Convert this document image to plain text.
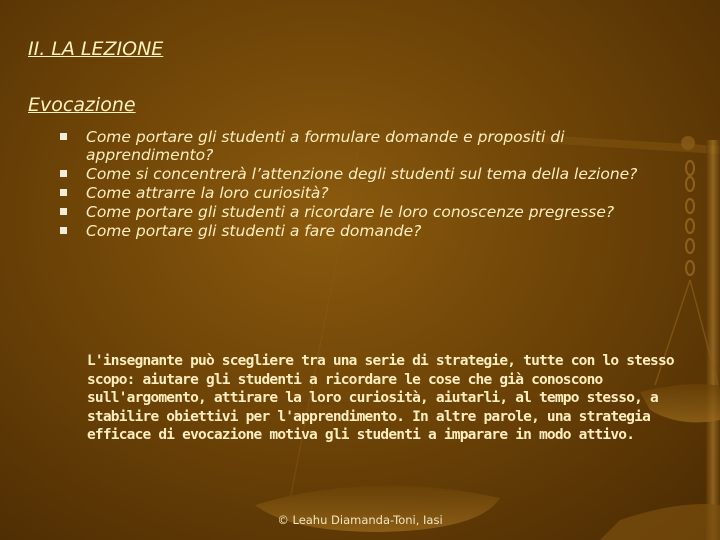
II. LA LEZIONE
Evocazione
Come portare gli studenti a formulare domande e propositi di apprendimento?
Come si concentrerà l’attenzione degli studenti sul tema della lezione?
Come attrarre la loro curiosità?
Come portare gli studenti a ricordare le loro conoscenze pregresse?
Come portare gli studenti a fare domande?

L'insegnante può scegliere tra una serie di strategie, tutte con lo stesso scopo: aiutare gli studenti a ricordare le cose che già conoscono sull'argomento, attirare la loro curiosità, aiutarli, al tempo stesso, a stabilire obiettivi per l'apprendimento. In altre parole, una strategia efficace di evocazione motiva gli studenti a imparare in modo attivo.

© Leahu Diamanda-Toni, Iasi
